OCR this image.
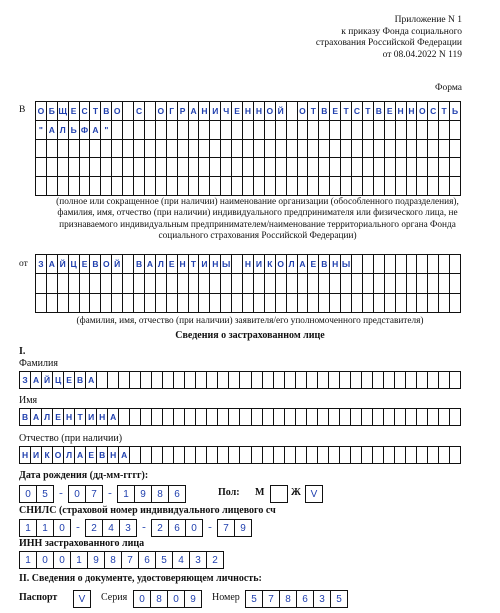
Приложение N 1
к приказу Фонда социального
страхования Российской Федерации
от 08.04.2022 N 119
Форма
В О Б Щ Е С Т В О	С	О Г Р А Н И Ч Е Н Н О Й	О Т В Е Т С Т В Е Н Н О С Т Ь
" А Л Ь Ф А "
(полное или сокращенное (при наличии) наименование организации (обособленного подразделения), фамилия, имя, отчество (при наличии) индивидуального предпринимателя или физического лица, не признаваемого индивидуальным предпринимателем/наименование территориального органа Фонда социального страхования Российской Федерации)
от З А Й Ц Е В О Й	В А Л Е Н Т И Н Ы Н И К О Л А Е В Н Ы
(фамилия, имя, отчество (при наличии) заявителя/его уполномоченного представителя)
Сведения о застрахованном лице
I.
Фамилия
З А Й Ц Е В А
Имя
В А Л Е Н Т И Н А
Отчество (при наличии)
Н И К О Л А Е В Н А
Дата рождения (дд-мм-гггг):
0	5	-	0	7	-	1	9	8	6	Пол: М	Ж V
СНИЛС (страховой номер индивидуального лицевого сч
1	1	0	-	2	4	3	-	2	6	0	-	7	9
ИНН застрахованного лица
1	0	0	1	9	8	7	6	5	4	3	2
II. Сведения о документе, удостоверяющем личность:
Паспорт	V	Серия	0	8	0	9	Номер	5	7	8	6	3	5
